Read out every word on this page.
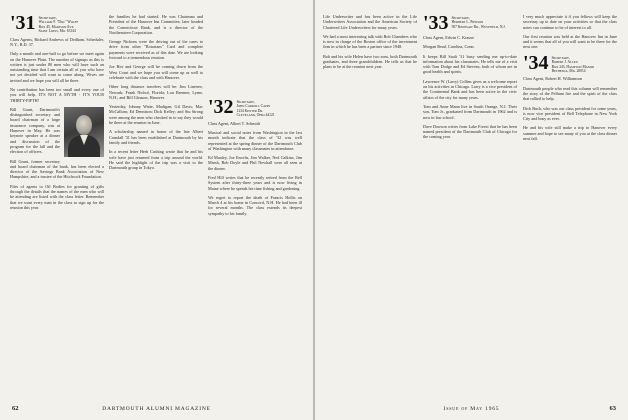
'31 Secretary,
William F. "Doc" Wolff
Box 45, Madison Ave.
Saint Louis, Mo. 63144

Class Agents, Richard Andrews of Dedham, Scheduler, N.Y., R.D. 37.

Only a month and one-half to go before we meet again on the Hanover Plain. The number of signups as this is written is just under 80 men who will have such an outstanding time that I am certain all of you who have not yet decided will want to come along. Wives are invited and we hope you will all be there.

No contribution has been too small and every one of you will help. IT'S NOT A MYTH - IT'S YOUR THIRTY-FIFTH!

Bill Grant, Dartmouth's distinguished secretary and board chairman of a large insurance company, was at Hanover in May. He was keynote speaker at a dinner and discussion of the program for the fall and the election of officers.

Bill Grant, former secretary and board chairman of the bank, has been elected a director of the Savings Bank Association of New Hampshire, and a trustee of the Hitchcock Foundation.

Files of agents to Oil Bodies for granting of gifts through the details that the names of the men who will be attending are listed with the class letter. Remember that we want every man in the class to sign up for the reunion this year.

the families he had started. He was Chairman and President of the Hanover Inn Committee, later headed the Connecticut Bank, and is a director of the Northeastern Corporation.

George Nichons were the driving out of the cares to drive from other "Rotarians" Card and complete payments were received as of this date. We are looking forward to a tremendous reunion.

Joe Birr and George will be coming down from the West Coast and we hope you will come up as well to celebrate with the class and with Hanover.

Other long distance travelers will be: Jim Linetree, Newark; Frank Nichol, Florida; Lou Brenner, Lyme, N.H.; and Bill Gleason, Hanover.

Yesterday, Johnny Waite, Madigan; Gil Davis; Mac McCallum; Ed Dennison; Dick Kelley; and Stu Strong were among the men who checked in to say they would be there at the reunion in June.

A scholarship named in honor of the late Albert Crandall '31 has been established at Dartmouth by his family and friends.

In a recent letter Herb Cushing wrote that he and his wife have just returned from a trip around the world. He said the highlight of the trip was a visit to the Dartmouth group in Tokyo.

'32 Secretary,
John Carroll Capps
1234 Kenter Dr.
Cleveland, Ohio 44121

Class Agent, Albert T. Schmidt

Musical and social notes from Washington in the last month indicate that the class of '32 was well represented at the spring dinner of the Dartmouth Club of Washington with many classmates in attendance.

Ed Manley, Joe Enochs, Jim Walker, Ned Calkins, Jim Marsh, Bob Doyle and Phil Newhall were all seen at the dinner.

Fred Hill writes that he recently retired from the Bell System after thirty-three years and is now living in Maine where he spends his time fishing and gardening.

We regret to report the death of Francis Hollis on March 4 at his home in Concord, N.H. He had been ill for several months. The class extends its deepest sympathy to his family.

62	DARTMOUTH ALUMNI MAGAZINE

Life Underwriter and has been active in the Life Underwriters Association and the American Society of Chartered Life Underwriters for many years.

We had a most interesting talk with Bob Chambers who is now in charge of the Boston office of the investment firm in which he has been a partner since 1948.

Bob and his wife Helen have two sons, both Dartmouth graduates, and three grandchildren. He tells us that he plans to be at the reunion next year.

'33 Secretary,
Herbert L. Pierson
507 Kenesaw Rd., Westfield, N.J.

Class Agent, Edwin C. Krause

Morgan Read, Carolina, Conn.

It keeps Bill Sault '31 busy sending me up-to-date information about his classmates. He tells me of a visit with Tom Dodge and Ed Stevens, both of whom are in good health and spirits.

Lawrence W. (Larry) Collins gives us a welcome report on his activities in Chicago. Larry is a vice president of the Continental Bank and has been active in the civic affairs of the city for many years.

Tom and Anne Mann live in South Orange, N.J. Their son, Tom Jr., graduated from Dartmouth in 1962 and is now in law school.

Dave Dawson writes from Lake Forest that he has been named president of the Dartmouth Club of Chicago for the coming year.

I very much appreciate it if you fellows will keep the secretary up to date on your activities so that the class notes can continue to be of interest to all.

Our first reunion was held at the Hanover Inn in June and it seems that all of you will want to be there for the next one.

'34 Secretary,
Robert J. Allen
Box 243, Hampton Manor
Bethesda, Md. 20014

Class Agent, Robert H. Williamson

Dartmouth people who read this column will remember the story of the Pelham fire and the spirit of the class that rallied to help.

Dick Buck, who was our class president for some years, is now vice president of Bell Telephone in New York City and busy as ever.

He and his wife still make a trip to Hanover every summer and hope to see many of you at the class dinner next fall.

Issue of May 1965	63
